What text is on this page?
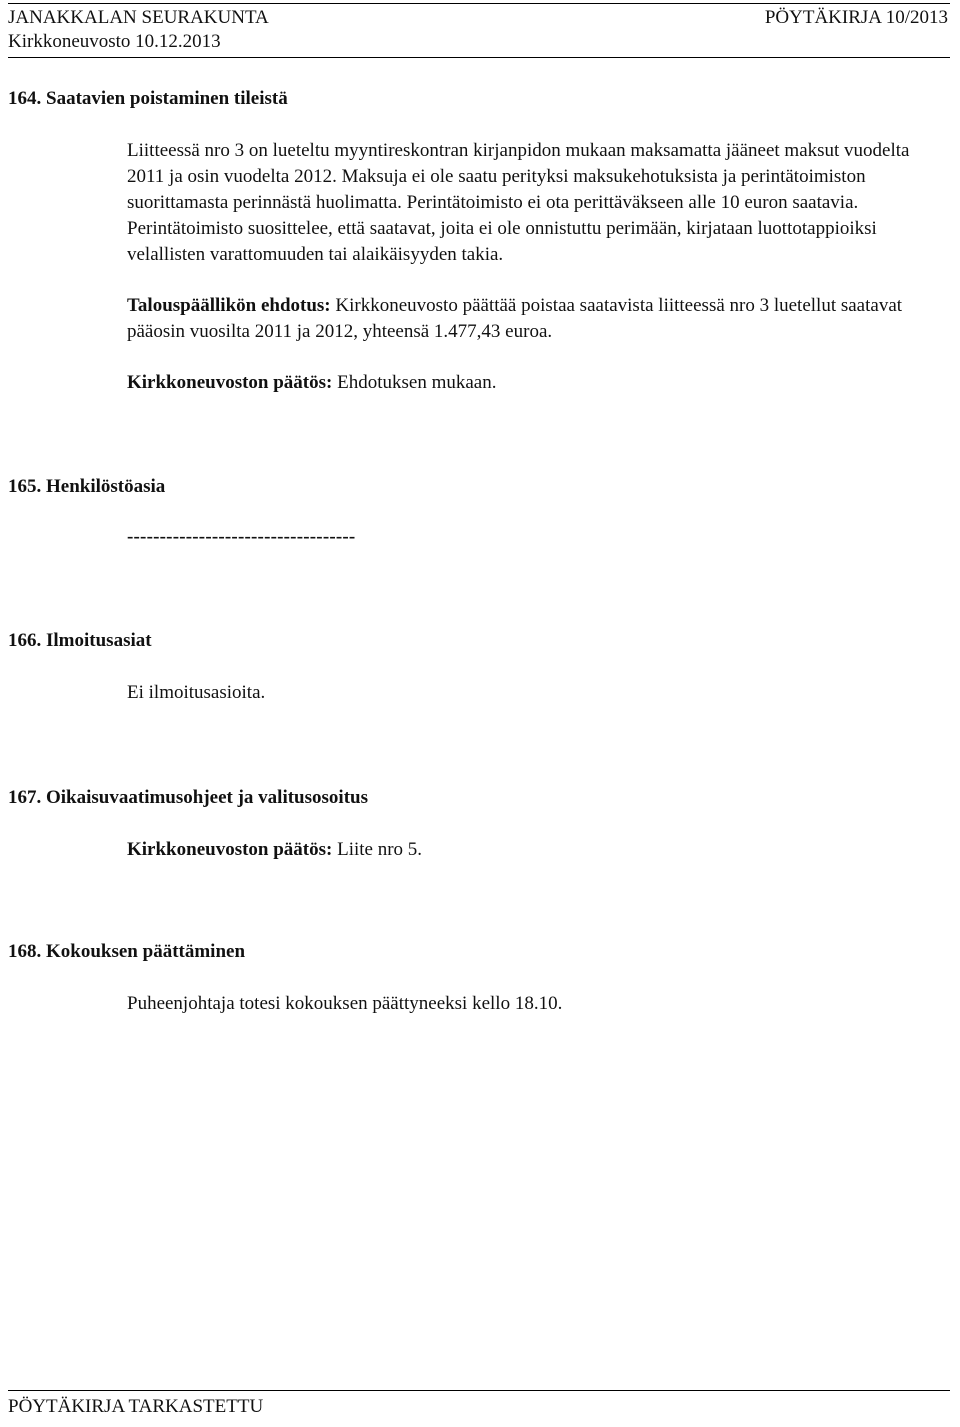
JANAKKALAN SEURAKUNTA	PÖYTÄKIRJA 10/2013
Kirkkoneuvosto 10.12.2013
164. Saatavien poistaminen tileistä
Liitteessä nro 3 on lueteltu myyntireskontran kirjanpidon mukaan maksamatta jääneet maksut vuodelta 2011 ja osin vuodelta 2012. Maksuja ei ole saatu perityksi maksukehotuksista ja perintätoimiston suorittamasta perinnästä huolimatta. Perintätoimisto ei ota perittäväkseen alle 10 euron saatavia. Perintätoimisto suosittelee, että saatavat, joita ei ole onnistuttu perimään, kirjataan luottotappioiksi velallisten varattomuuden tai alaikäisyyden takia.
Talouspäällikön ehdotus: Kirkkoneuvosto päättää poistaa saatavista liitteessä nro 3 luetellut saatavat pääosin vuosilta 2011 ja 2012, yhteensä 1.477,43 euroa.
Kirkkoneuvoston päätös: Ehdotuksen mukaan.
165. Henkilöstöasia
-----------------------------------
166. Ilmoitusasiat
Ei ilmoitusasioita.
167. Oikaisuvaatimusohjeet ja valitusosoitus
Kirkkoneuvoston päätös: Liite nro 5.
168. Kokouksen päättäminen
Puheenjohtaja totesi kokouksen päättyneeksi kello 18.10.
PÖYTÄKIRJA TARKASTETTU
